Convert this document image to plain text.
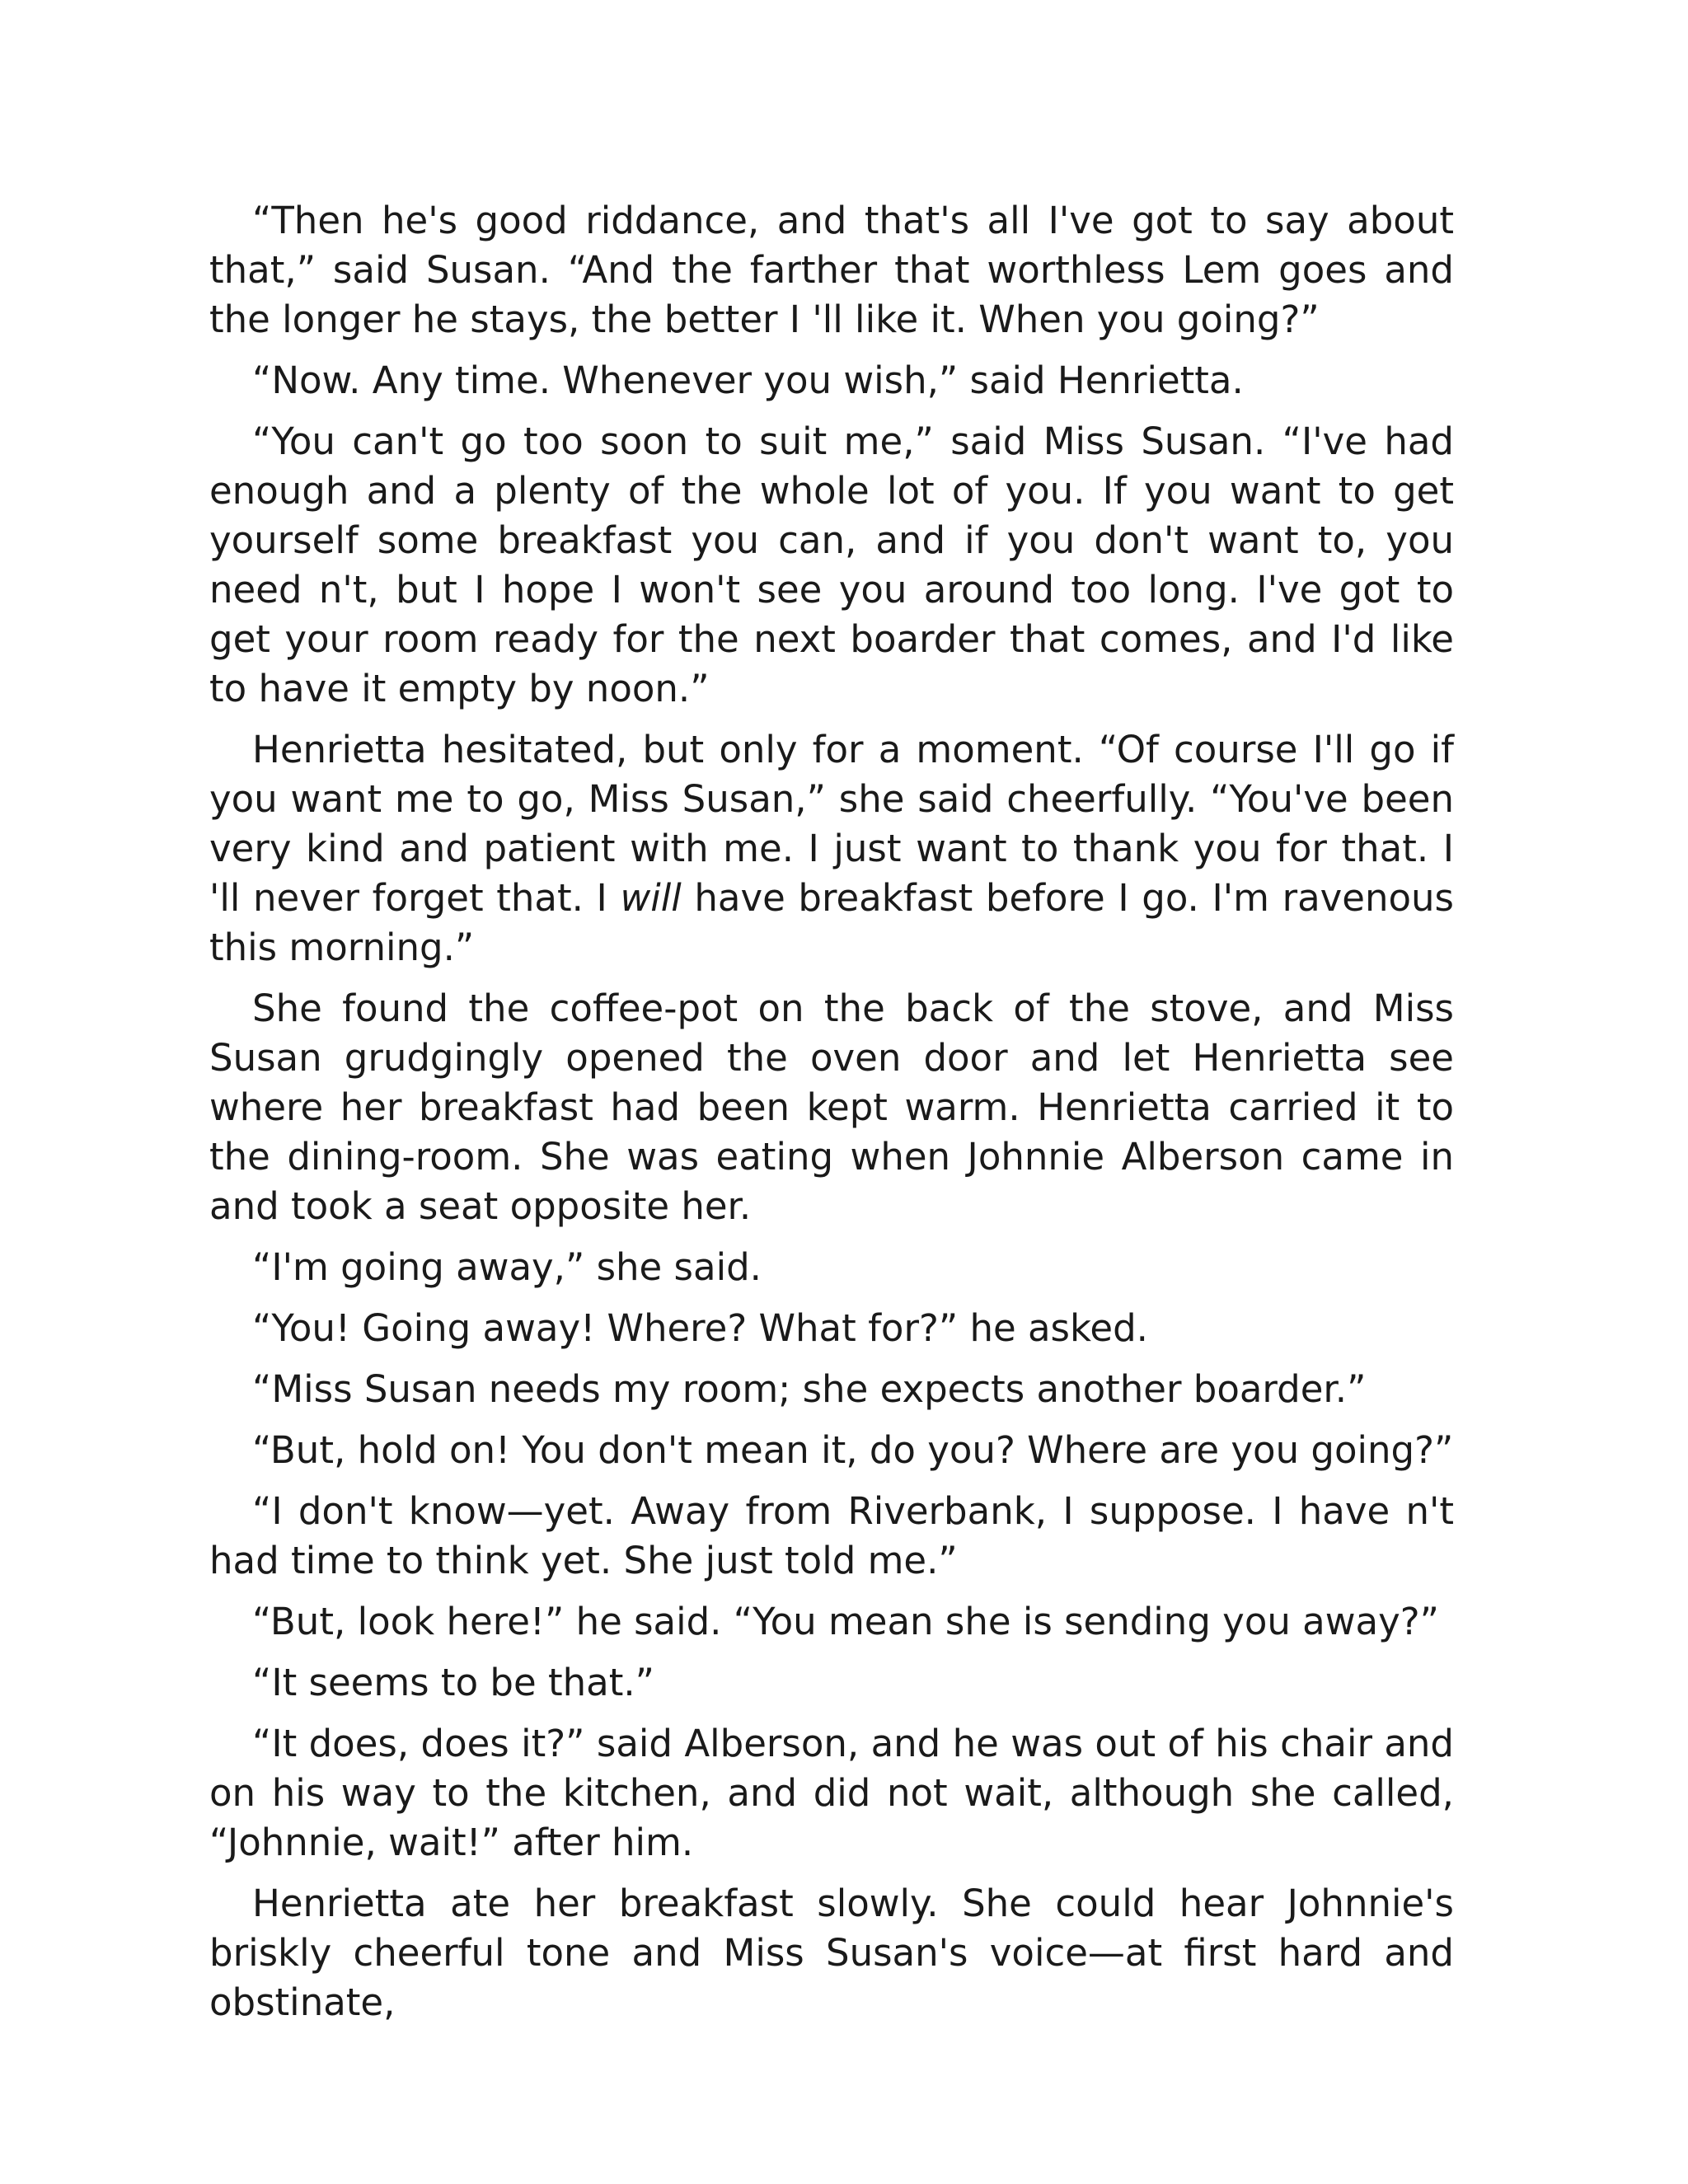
“Then he's good riddance, and that's all I've got to say about that,” said Susan. “And the farther that worthless Lem goes and the longer he stays, the better I 'll like it. When you going?”

“Now. Any time. Whenever you wish,” said Henrietta.

“You can't go too soon to suit me,” said Miss Susan. “I've had enough and a plenty of the whole lot of you. If you want to get yourself some breakfast you can, and if you don't want to, you need n't, but I hope I won't see you around too long. I've got to get your room ready for the next boarder that comes, and I'd like to have it empty by noon.”

Henrietta hesitated, but only for a moment. “Of course I'll go if you want me to go, Miss Susan,” she said cheerfully. “You've been very kind and patient with me. I just want to thank you for that. I 'll never forget that. I will have breakfast before I go. I'm ravenous this morning.”

She found the coffee-pot on the back of the stove, and Miss Susan grudgingly opened the oven door and let Henrietta see where her breakfast had been kept warm. Henrietta carried it to the dining-room. She was eating when Johnnie Alberson came in and took a seat opposite her.

“I'm going away,” she said.

“You! Going away! Where? What for?” he asked.

“Miss Susan needs my room; she expects another boarder.”

“But, hold on! You don't mean it, do you? Where are you going?”

“I don't know—yet. Away from Riverbank, I suppose. I have n't had time to think yet. She just told me.”

“But, look here!” he said. “You mean she is sending you away?”

“It seems to be that.”

“It does, does it?” said Alberson, and he was out of his chair and on his way to the kitchen, and did not wait, although she called, “Johnnie, wait!” after him.

Henrietta ate her breakfast slowly. She could hear Johnnie's briskly cheerful tone and Miss Susan's voice—at first hard and obstinate,
